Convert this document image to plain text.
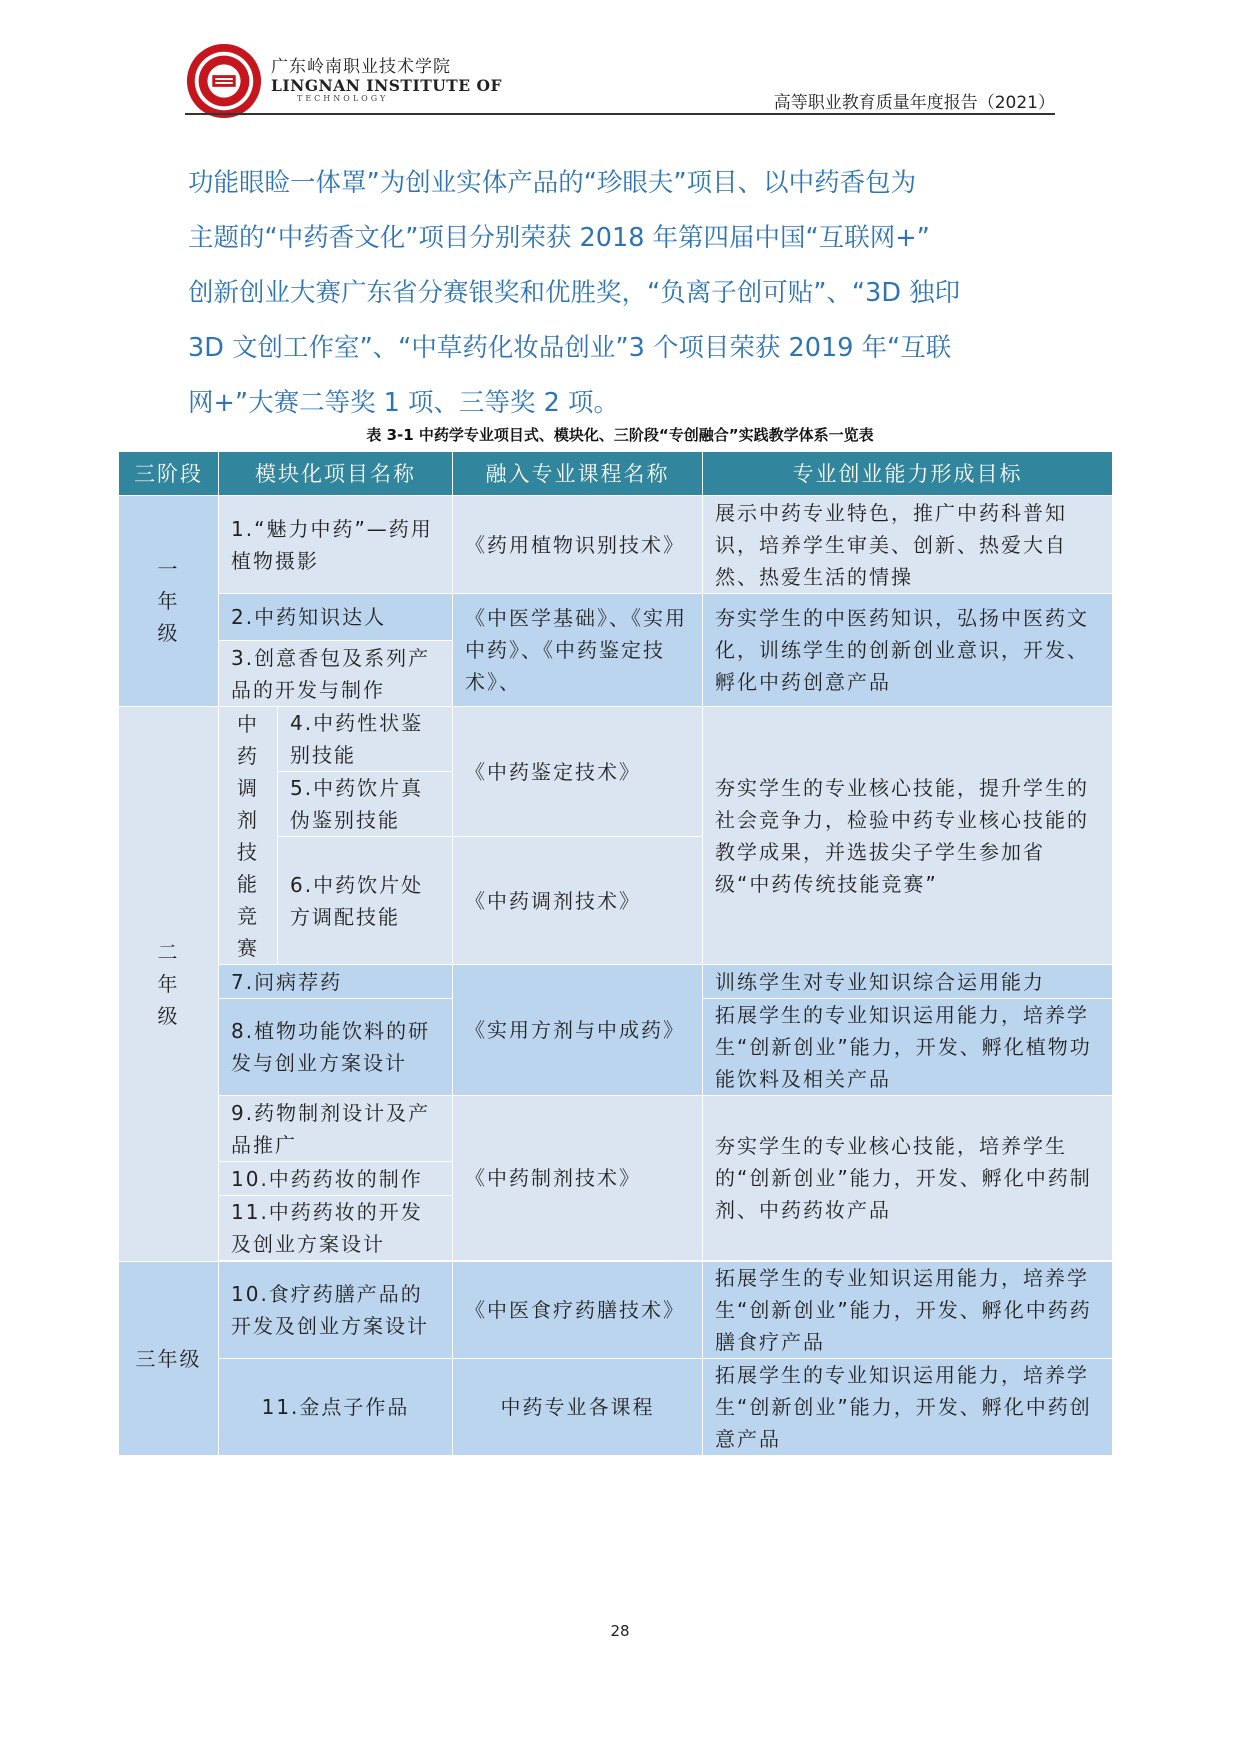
广东岭南职业技术学院
LINGNAN INSTITUTE OF
TECHNOLOGY	高等职业教育质量年度报告（2021）
功能眼睑一体罩”为创业实体产品的“珍眼夫”项目、以中药香包为
主题的“中药香文化”项目分别荣获 2018 年第四届中国“互联网+”
创新创业大赛广东省分赛银奖和优胜奖，“负离子创可贴”、“3D 独印
3D 文创工作室”、“中草药化妆品创业”3 个项目荣获 2019 年“互联
网+”大赛二等奖 1 项、三等奖 2 项。
表 3-1 中药学专业项目式、模块化、三阶段“专创融合”实践教学体系一览表
三阶段	模块化项目名称		融入专业课程名称	专业创业能力形成目标
一年级	1.“魅力中药”—药用植物摄影		《药用植物识别技术》	展示中药专业特色，推广中药科普知识，培养学生审美、创新、热爱大自然、热爱生活的情操
	2.中药知识达人		《中医学基础》、《实用中药》、《中药鉴定技术》、	夯实学生的中医药知识，弘扬中医药文化，训练学生的创新创业意识，开发、孵化中药创意产品
	3.创意香包及系列产品的开发与制作			
二年级	中药调剂技能竞赛	4.中药性状鉴别技能	《中药鉴定技术》	夯实学生的专业核心技能，提升学生的社会竞争力，检验中药专业核心技能的教学成果，并选拔尖子学生参加省级“中药传统技能竞赛”
		5.中药饮片真伪鉴别技能		
		6.中药饮片处方调配技能	《中药调剂技术》	
	7.问病荐药		《实用方剂与中成药》	训练学生对专业知识综合运用能力
	8.植物功能饮料的研发与创业方案设计			拓展学生的专业知识运用能力，培养学生“创新创业”能力，开发、孵化植物功能饮料及相关产品
	9.药物制剂设计及产品推广		《中药制剂技术》	夯实学生的专业核心技能，培养学生的“创新创业”能力，开发、孵化中药制剂、中药药妆产品
	10.中药药妆的制作			
	11.中药药妆的开发及创业方案设计			

三年级	10.食疗药膳产品的开发及创业方案设计		《中医食疗药膳技术》	拓展学生的专业知识运用能力，培养学生“创新创业”能力，开发、孵化中药药膳食疗产品
	11.金点子作品		中药专业各课程	拓展学生的专业知识运用能力，培养学生“创新创业”能力，开发、孵化中药创意产品
28
